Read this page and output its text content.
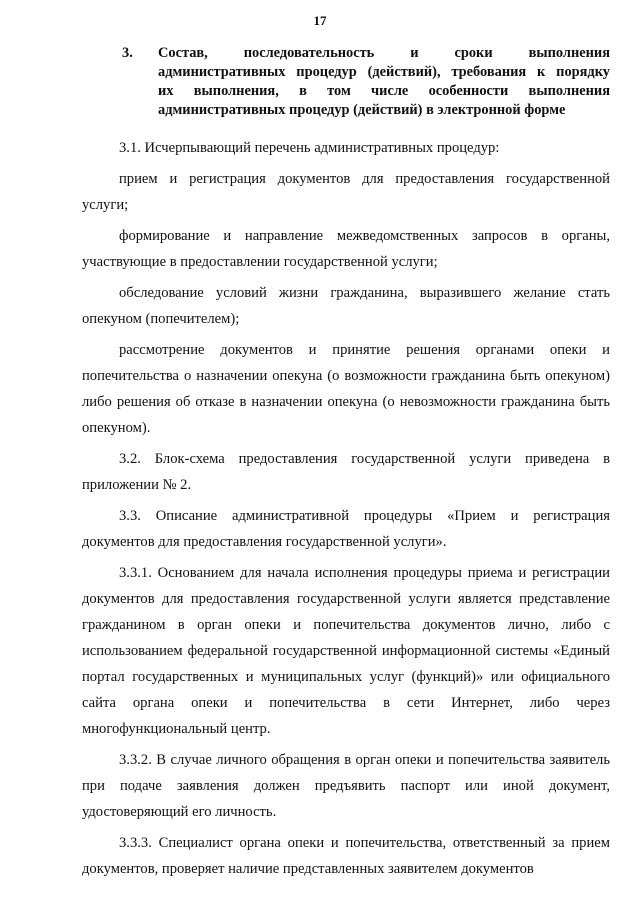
17
3.	Состав, последовательность и сроки выполнения
административных процедур (действий), требования к порядку
их выполнения, в том числе особенности выполнения
административных процедур (действий) в электронной форме

3.1. Исчерпывающий перечень административных процедур:

прием и регистрация документов для предоставления государственной услуги;

формирование и направление межведомственных запросов в органы, участвующие в предоставлении государственной услуги;

обследование условий жизни гражданина, выразившего желание стать опекуном (попечителем);

рассмотрение документов и принятие решения органами опеки и попечительства о назначении опекуна (о возможности гражданина быть опекуном) либо решения об отказе в назначении опекуна (о невозможности гражданина быть опекуном).

3.2. Блок-схема предоставления государственной услуги приведена в приложении № 2.

3.3. Описание административной процедуры «Прием и регистрация документов для предоставления государственной услуги».

3.3.1. Основанием для начала исполнения процедуры приема и регистрации документов для предоставления государственной услуги является представление гражданином в орган опеки и попечительства документов лично, либо с использованием федеральной государственной информационной системы «Единый портал государственных и муниципальных услуг (функций)» или официального сайта органа опеки и попечительства в сети Интернет, либо через многофункциональный центр.

3.3.2. В случае личного обращения в орган опеки и попечительства заявитель при подаче заявления должен предъявить паспорт или иной документ, удостоверяющий его личность.

3.3.3. Специалист органа опеки и попечительства, ответственный за прием документов, проверяет наличие представленных заявителем документов
